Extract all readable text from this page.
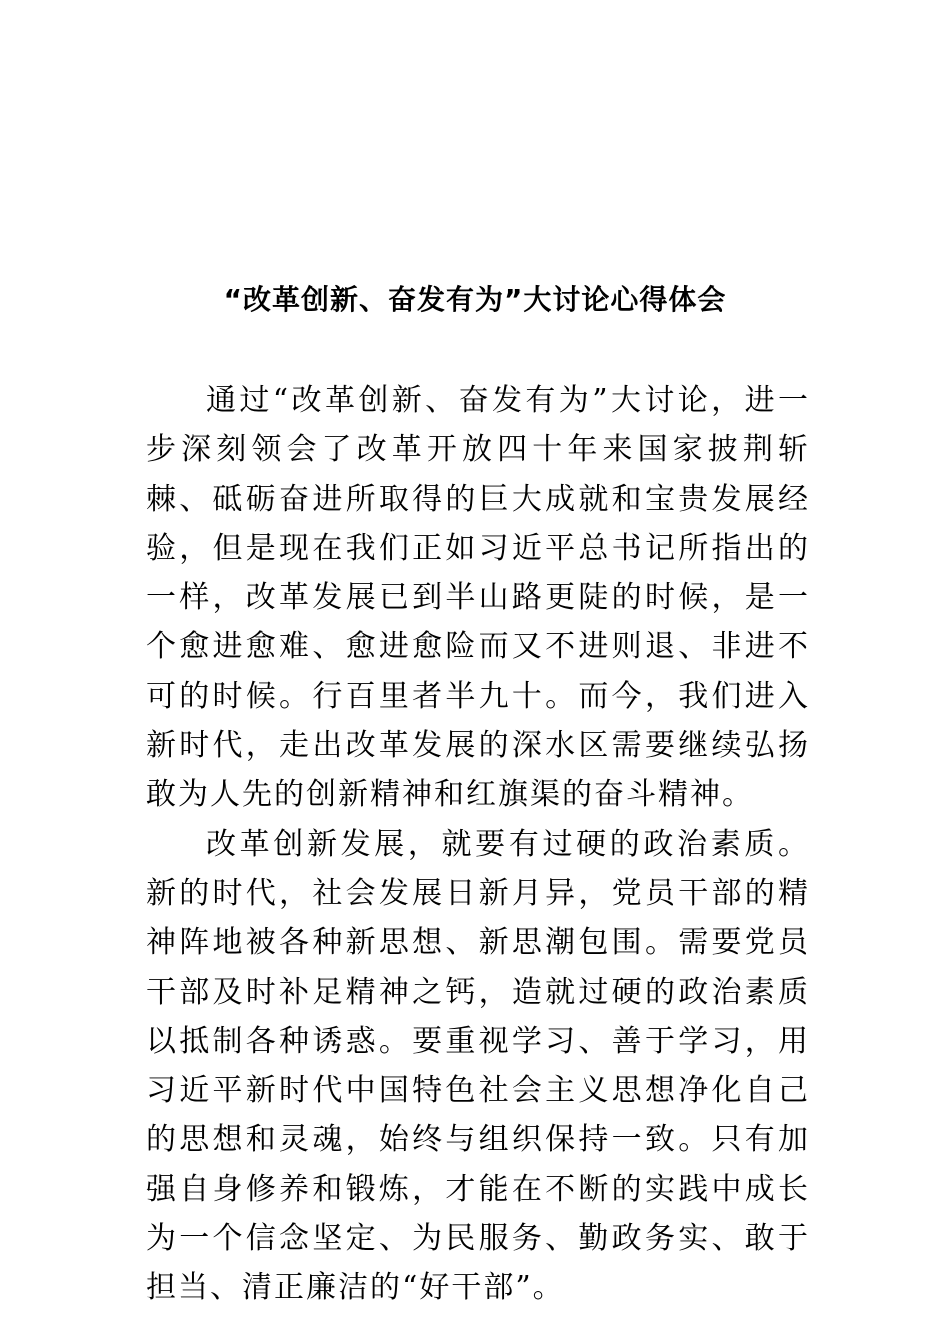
“改革创新、奋发有为”大讨论心得体会

通过“改革创新、奋发有为”大讨论，进一步深刻领会了改革开放四十年来国家披荆斩棘、砥砺奋进所取得的巨大成就和宝贵发展经验，但是现在我们正如习近平总书记所指出的一样，改革发展已到半山路更陡的时候，是一个愈进愈难、愈进愈险而又不进则退、非进不可的时候。行百里者半九十。而今，我们进入新时代，走出改革发展的深水区需要继续弘扬敢为人先的创新精神和红旗渠的奋斗精神。

改革创新发展，就要有过硬的政治素质。新的时代，社会发展日新月异，党员干部的精神阵地被各种新思想、新思潮包围。需要党员干部及时补足精神之钙，造就过硬的政治素质以抵制各种诱惑。要重视学习、善于学习，用习近平新时代中国特色社会主义思想净化自己的思想和灵魂，始终与组织保持一致。只有加强自身修养和锻炼，才能在不断的实践中成长为一个信念坚定、为民服务、勤政务实、敢于担当、清正廉洁的“好干部”。
